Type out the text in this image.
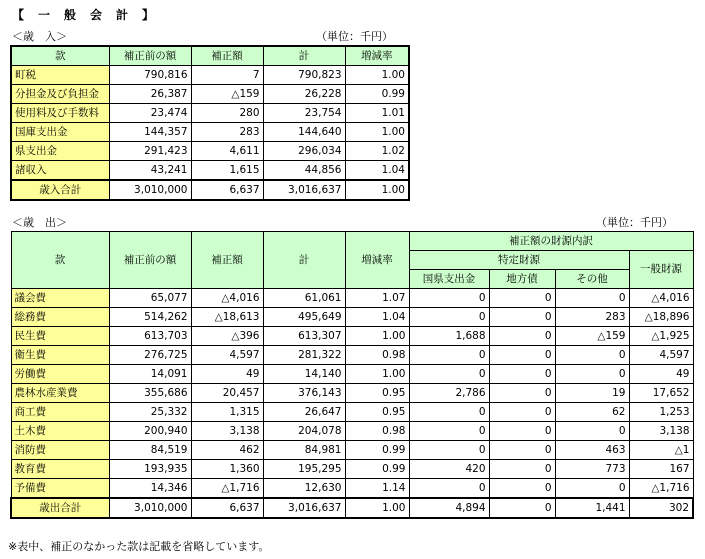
【　一　般　会　計　】
＜歳　入＞	（単位：千円）
款	補正前の額	補正額	計	増減率
町税	790,816	7	790,823	1.00
分担金及び負担金	26,387	△159	26,228	0.99
使用料及び手数料	23,474	280	23,754	1.01
国庫支出金	144,357	283	144,640	1.00
県支出金	291,423	4,611	296,034	1.02
諸収入	43,241	1,615	44,856	1.04
歳入合計	3,010,000	6,637	3,016,637	1.00
＜歳　出＞	（単位：千円）
款	補正前の額	補正額	計	増減率	補正額の財源内訳			
					特定財源			一般財源
					国県支出金	地方債	その他	
議会費	65,077	△4,016	61,061	1.07	0	0	0	△4,016
総務費	514,262	△18,613	495,649	1.04	0	0	283	△18,896
民生費	613,703	△396	613,307	1.00	1,688	0	△159	△1,925
衛生費	276,725	4,597	281,322	0.98	0	0	0	4,597
労働費	14,091	49	14,140	1.00	0	0	0	49
農林水産業費	355,686	20,457	376,143	0.95	2,786	0	19	17,652
商工費	25,332	1,315	26,647	0.95	0	0	62	1,253
土木費	200,940	3,138	204,078	0.98	0	0	0	3,138
消防費	84,519	462	84,981	0.99	0	0	463	△1
教育費	193,935	1,360	195,295	0.99	420	0	773	167
予備費	14,346	△1,716	12,630	1.14	0	0	0	△1,716
歳出合計	3,010,000	6,637	3,016,637	1.00	4,894	0	1,441	302
※表中、補正のなかった款は記載を省略しています。
